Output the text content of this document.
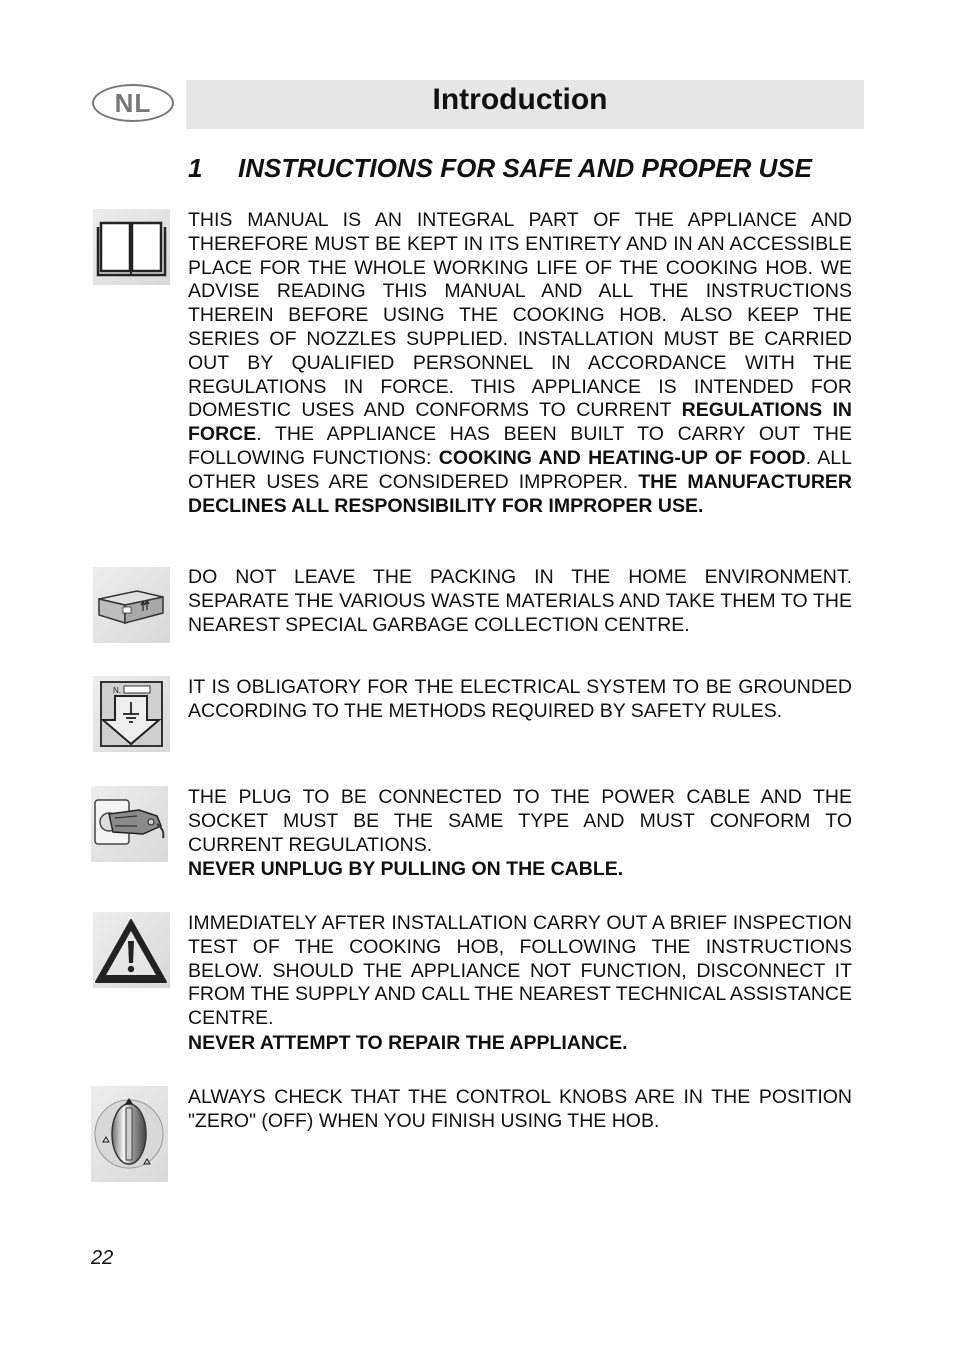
NL	Introduction
1 INSTRUCTIONS FOR SAFE AND PROPER USE

THIS MANUAL IS AN INTEGRAL PART OF THE APPLIANCE AND THEREFORE MUST BE KEPT IN ITS ENTIRETY AND IN AN ACCESSIBLE PLACE FOR THE WHOLE WORKING LIFE OF THE COOKING HOB. WE ADVISE READING THIS MANUAL AND ALL THE INSTRUCTIONS THEREIN BEFORE USING THE COOKING HOB. ALSO KEEP THE SERIES OF NOZZLES SUPPLIED. INSTALLATION MUST BE CARRIED OUT BY QUALIFIED PERSONNEL IN ACCORDANCE WITH THE REGULATIONS IN FORCE. THIS APPLIANCE IS INTENDED FOR DOMESTIC USES AND CONFORMS TO CURRENT REGULATIONS IN FORCE. THE APPLIANCE HAS BEEN BUILT TO CARRY OUT THE FOLLOWING FUNCTIONS: COOKING AND HEATING-UP OF FOOD. ALL OTHER USES ARE CONSIDERED IMPROPER. THE MANUFACTURER DECLINES ALL RESPONSIBILITY FOR IMPROPER USE.

DO NOT LEAVE THE PACKING IN THE HOME ENVIRONMENT. SEPARATE THE VARIOUS WASTE MATERIALS AND TAKE THEM TO THE NEAREST SPECIAL GARBAGE COLLECTION CENTRE.

N.	IT IS OBLIGATORY FOR THE ELECTRICAL SYSTEM TO BE GROUNDED ACCORDING TO THE METHODS REQUIRED BY SAFETY RULES.

THE PLUG TO BE CONNECTED TO THE POWER CABLE AND THE SOCKET MUST BE THE SAME TYPE AND MUST CONFORM TO CURRENT REGULATIONS.

NEVER UNPLUG BY PULLING ON THE CABLE.

IMMEDIATELY AFTER INSTALLATION CARRY OUT A BRIEF INSPECTION TEST OF THE COOKING HOB, FOLLOWING THE INSTRUCTIONS BELOW. SHOULD THE APPLIANCE NOT FUNCTION, DISCONNECT IT FROM THE SUPPLY AND CALL THE NEAREST TECHNICAL ASSISTANCE CENTRE.

NEVER ATTEMPT TO REPAIR THE APPLIANCE.

ALWAYS CHECK THAT THE CONTROL KNOBS ARE IN THE POSITION "ZERO" (OFF) WHEN YOU FINISH USING THE HOB.

22
